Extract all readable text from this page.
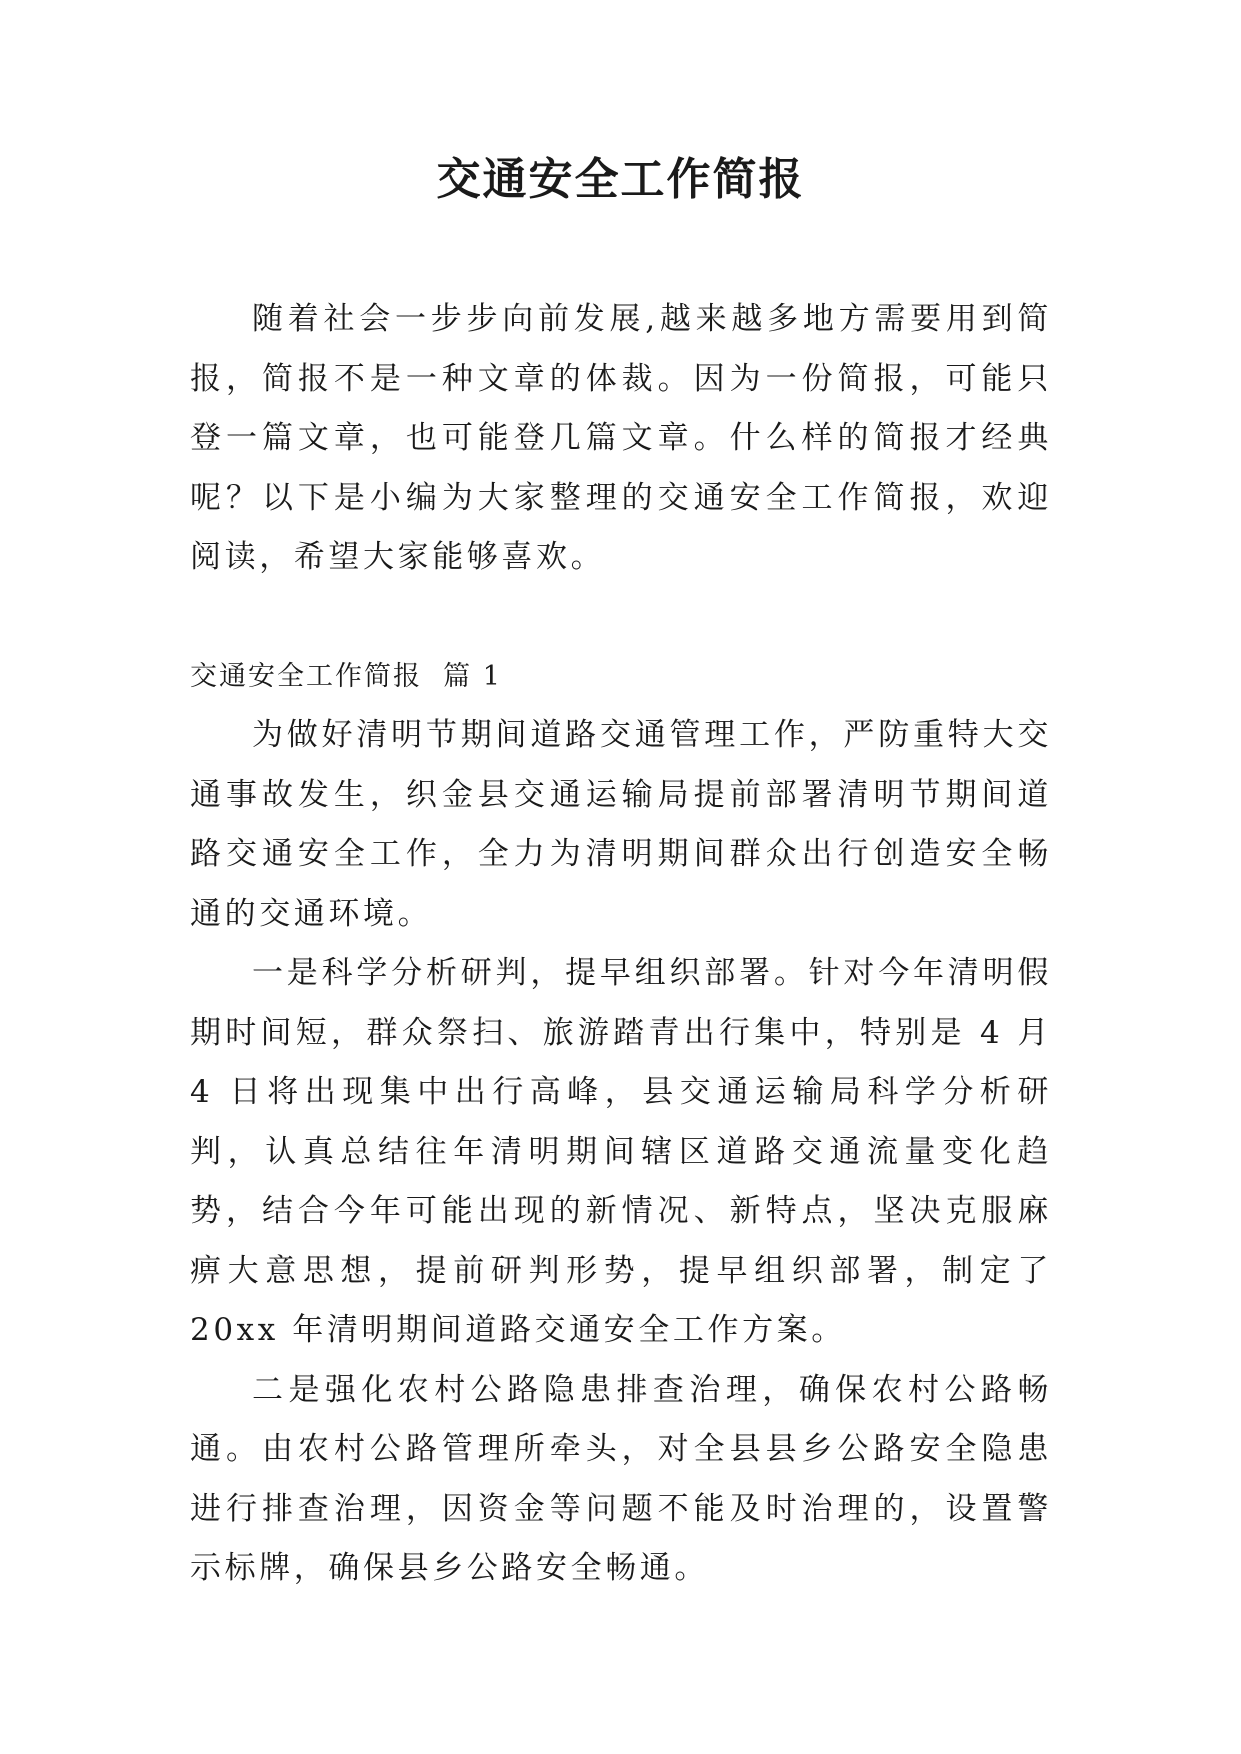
交通安全工作简报

随着社会一步步向前发展,越来越多地方需要用到简报，简报不是一种文章的体裁。因为一份简报，可能只登一篇文章，也可能登几篇文章。什么样的简报才经典呢？以下是小编为大家整理的交通安全工作简报，欢迎阅读，希望大家能够喜欢。

交通安全工作简报  篇 1

为做好清明节期间道路交通管理工作，严防重特大交通事故发生，织金县交通运输局提前部署清明节期间道路交通安全工作，全力为清明期间群众出行创造安全畅通的交通环境。

一是科学分析研判，提早组织部署。针对今年清明假期时间短，群众祭扫、旅游踏青出行集中，特别是 4 月 4 日将出现集中出行高峰，县交通运输局科学分析研判，认真总结往年清明期间辖区道路交通流量变化趋势，结合今年可能出现的新情况、新特点，坚决克服麻痹大意思想，提前研判形势，提早组织部署，制定了 20xx 年清明期间道路交通安全工作方案。

二是强化农村公路隐患排查治理，确保农村公路畅通。由农村公路管理所牵头，对全县县乡公路安全隐患进行排查治理，因资金等问题不能及时治理的，设置警示标牌，确保县乡公路安全畅通。
